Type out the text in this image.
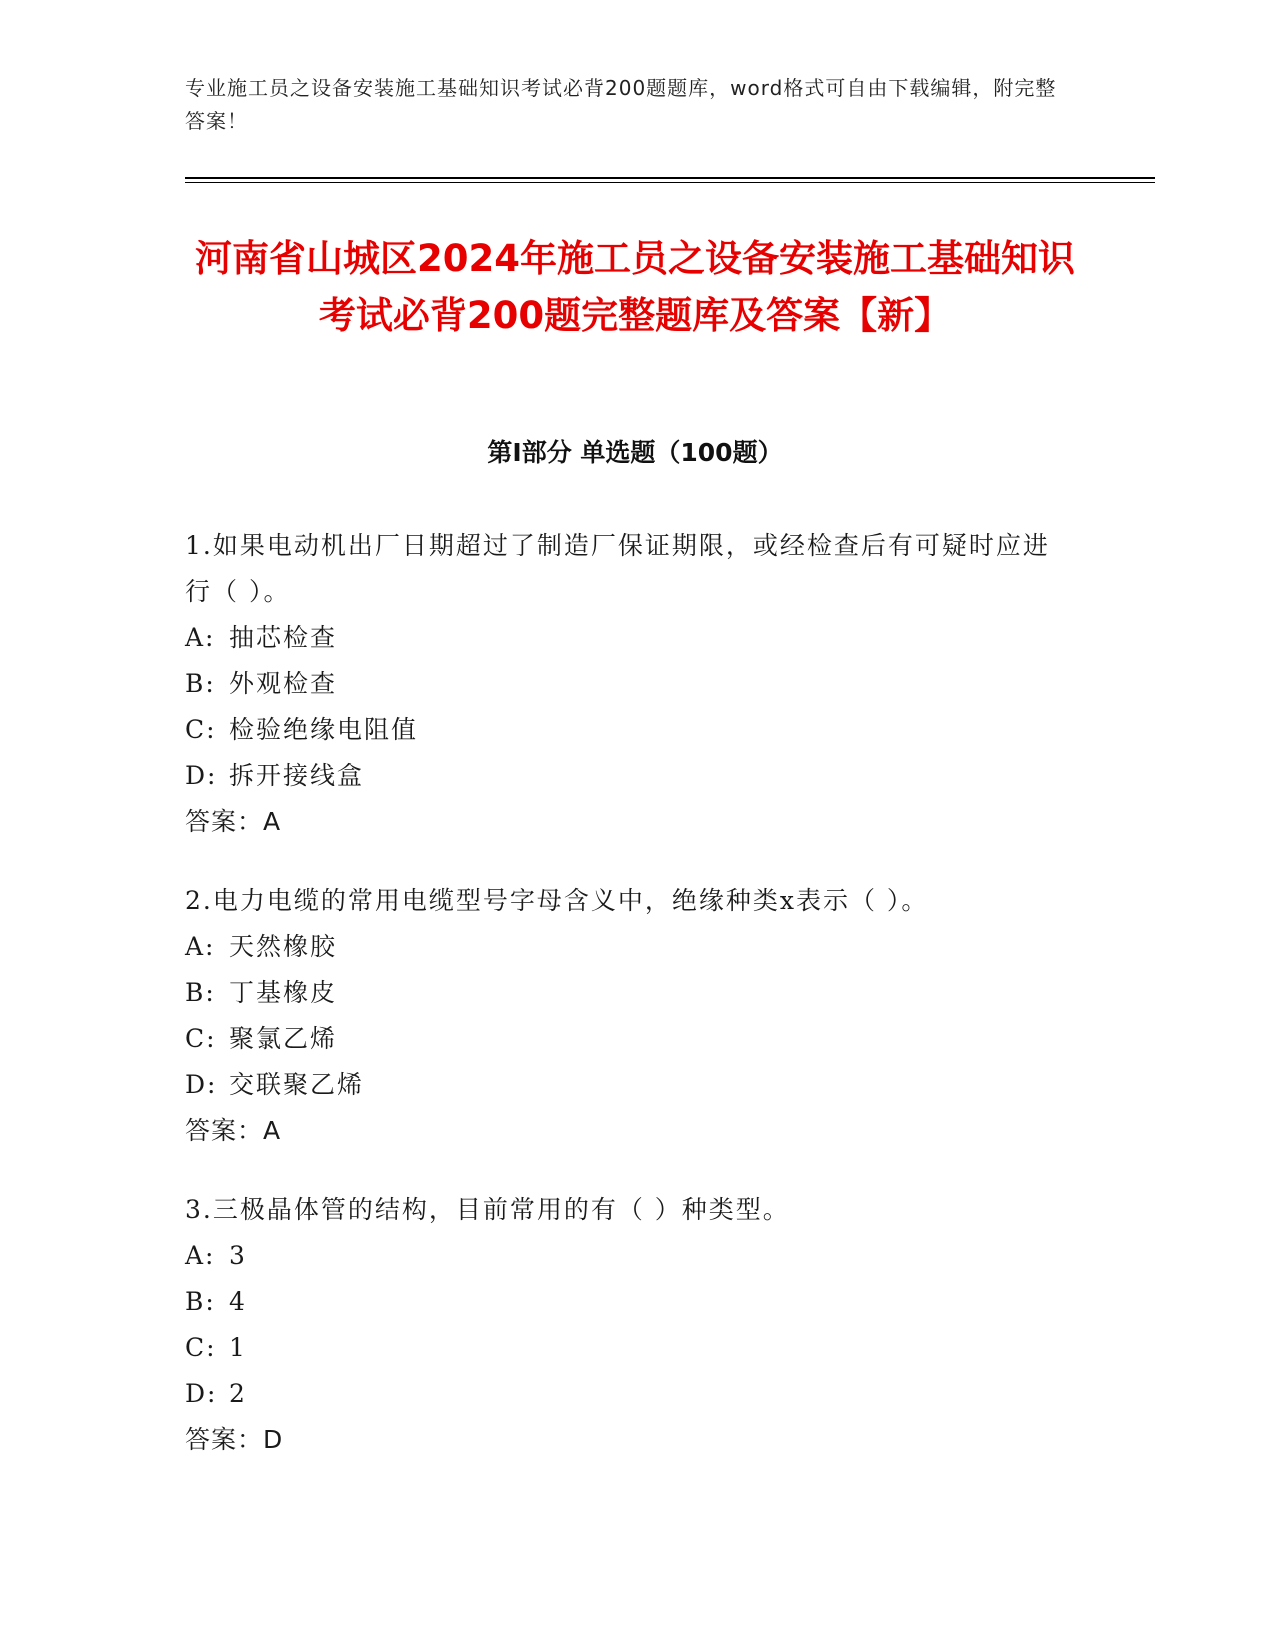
专业施工员之设备安装施工基础知识考试必背200题题库，word格式可自由下载编辑，附完整答案！
河南省山城区2024年施工员之设备安装施工基础知识考试必背200题完整题库及答案【新】
第I部分 单选题（100题）

1.如果电动机出厂日期超过了制造厂保证期限，或经检查后有可疑时应进行（ ）。

A: 抽芯检查

B: 外观检查

C: 检验绝缘电阻值

D: 拆开接线盒

答案：A

2.电力电缆的常用电缆型号字母含义中，绝缘种类x表示（ ）。

A: 天然橡胶

B: 丁基橡皮

C: 聚氯乙烯

D: 交联聚乙烯

答案：A

3.三极晶体管的结构，目前常用的有（ ）种类型。

A: 3

B: 4

C: 1

D: 2

答案：D
